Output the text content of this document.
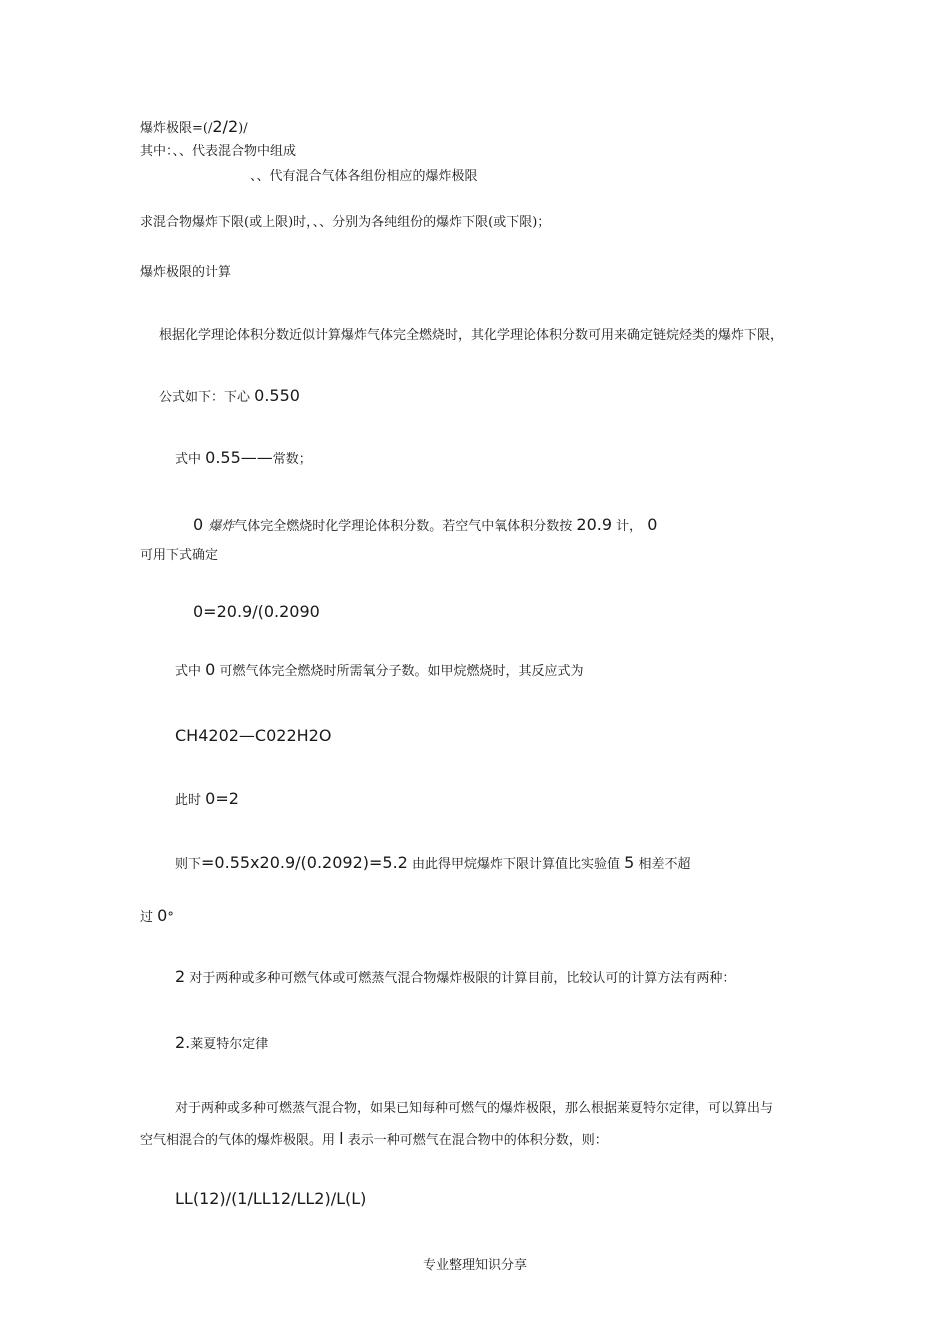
爆炸极限=(/2/2)/
其中：、、代表混合物中组成
、、代有混合气体各组份相应的爆炸极限
求混合物爆炸下限(或上限)时，、、分别为各纯组份的爆炸下限(或下限)；
爆炸极限的计算
根据化学理论体积分数近似计算爆炸气体完全燃烧时，其化学理论体积分数可用来确定链烷烃类的爆炸下限，
公式如下：下心 0.550
式中 0.55——常数；
0 爆炸气体完全燃烧时化学理论体积分数。若空气中氧体积分数按 20.9 计， 0
可用下式确定
0=20.9/(0.2090
式中 0 可燃气体完全燃烧时所需氧分子数。如甲烷燃烧时，其反应式为
CH4202—C022H2O
此时 0=2
则下=0.55x20.9/(0.2092)=5.2 由此得甲烷爆炸下限计算值比实验值 5 相差不超
过 0°
2 对于两种或多种可燃气体或可燃蒸气混合物爆炸极限的计算目前，比较认可的计算方法有两种：
2.莱夏特尔定律
对于两种或多种可燃蒸气混合物，如果已知每种可燃气的爆炸极限，那么根据莱夏特尔定律，可以算出与
空气相混合的气体的爆炸极限。用 l 表示一种可燃气在混合物中的体积分数，则：
LL(12)/(1/LL12/LL2)/L(L)
专业整理知识分享
